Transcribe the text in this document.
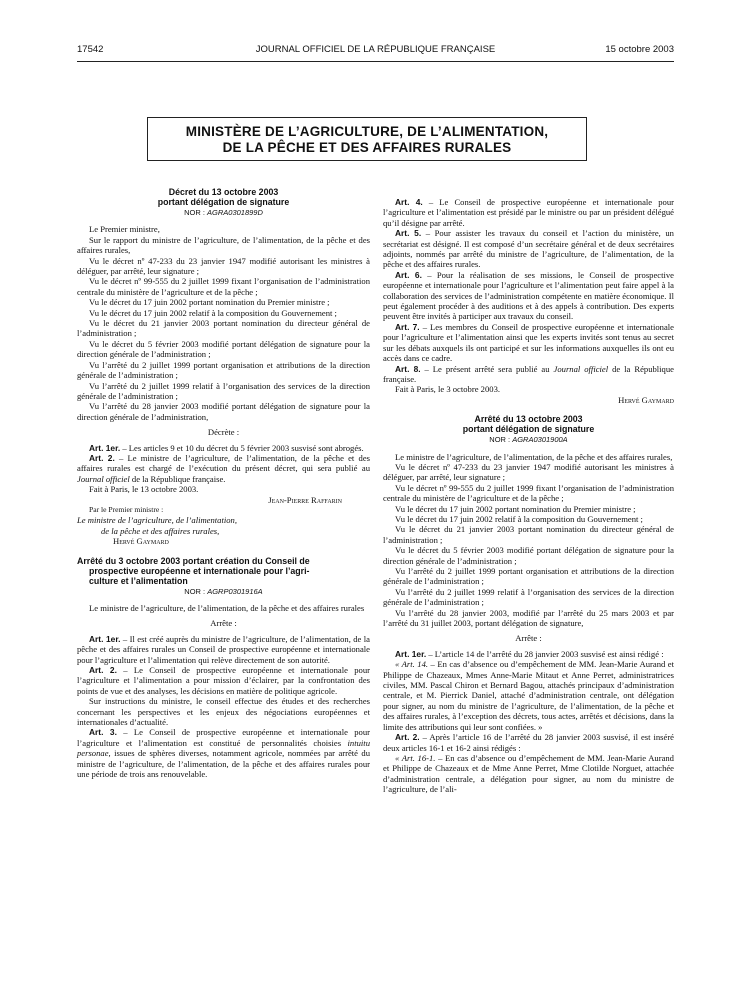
17542	JOURNAL OFFICIEL DE LA RÉPUBLIQUE FRANÇAISE	15 octobre 2003
MINISTÈRE DE L’AGRICULTURE, DE L’ALIMENTATION,
DE LA PÊCHE ET DES AFFAIRES RURALES
Décret du 13 octobre 2003
portant délégation de signature
NOR : AGRA0301899D

Le Premier ministre,

Sur le rapport du ministre de l’agriculture, de l’alimentation, de la pêche et des affaires rurales,

Vu le décret nº 47-233 du 23 janvier 1947 modifié autorisant les ministres à déléguer, par arrêté, leur signature ;

Vu le décret nº 99-555 du 2 juillet 1999 fixant l’organisation de l’administration centrale du ministère de l’agriculture et de la pêche ;

Vu le décret du 17 juin 2002 portant nomination du Premier ministre ;

Vu le décret du 17 juin 2002 relatif à la composition du Gouvernement ;

Vu le décret du 21 janvier 2003 portant nomination du directeur général de l’administration ;

Vu le décret du 5 février 2003 modifié portant délégation de signature pour la direction générale de l’administration ;

Vu l’arrêté du 2 juillet 1999 portant organisation et attributions de la direction générale de l’administration ;

Vu l’arrêté du 2 juillet 1999 relatif à l’organisation des services de la direction générale de l’administration ;

Vu l’arrêté du 28 janvier 2003 modifié portant délégation de signature pour la direction générale de l’administration,

Décrète :

Art. 1er. – Les articles 9 et 10 du décret du 5 février 2003 susvisé sont abrogés.

Art. 2. – Le ministre de l’agriculture, de l’alimentation, de la pêche et des affaires rurales est chargé de l’exécution du présent décret, qui sera publié au Journal officiel de la République française.

Fait à Paris, le 13 octobre 2003.

Jean-Pierre Raffarin

Par le Premier ministre :

Le ministre de l’agriculture, de l’alimentation,

de la pêche et des affaires rurales,

Hervé Gaymard

Arrêté du 3 octobre 2003 portant création du Conseil de
prospective européenne et internationale pour l’agri-
culture et l’alimentation
NOR : AGRP0301916A

Le ministre de l’agriculture, de l’alimentation, de la pêche et des affaires rurales

Arrête :

Art. 1er. – Il est créé auprès du ministre de l’agriculture, de l’alimentation, de la pêche et des affaires rurales un Conseil de prospective européenne et internationale pour l’agriculture et l’alimentation qui relève directement de son autorité.

Art. 2. – Le Conseil de prospective européenne et internationale pour l’agriculture et l’alimentation a pour mission d’éclairer, par la confrontation des points de vue et des analyses, les décisions en matière de politique agricole.

Sur instructions du ministre, le conseil effectue des études et des recherches concernant les perspectives et les enjeux des négociations européennes et internationales d’actualité.

Art. 3. – Le Conseil de prospective européenne et internationale pour l’agriculture et l’alimentation est constitué de personnalités choisies intuitu personae, issues de sphères diverses, notamment agricole, nommées par arrêté du ministre de l’agriculture, de l’alimentation, de la pêche et des affaires rurales pour une période de trois ans renouvelable.

Art. 4. – Le Conseil de prospective européenne et internationale pour l’agriculture et l’alimentation est présidé par le ministre ou par un président délégué qu’il désigne par arrêté.

Art. 5. – Pour assister les travaux du conseil et l’action du ministère, un secrétariat est désigné. Il est composé d’un secrétaire général et de deux secrétaires adjoints, nommés par arrêté du ministre de l’agriculture, de l’alimentation, de la pêche et des affaires rurales.

Art. 6. – Pour la réalisation de ses missions, le Conseil de prospective européenne et internationale pour l’agriculture et l’alimentation peut faire appel à la collaboration des services de l’administration compétente en matière économique. Il peut également procéder à des auditions et à des appels à contribution. Des experts peuvent être invités à participer aux travaux du conseil.

Art. 7. – Les membres du Conseil de prospective européenne et internationale pour l’agriculture et l’alimentation ainsi que les experts invités sont tenus au secret sur les débats auxquels ils ont participé et sur les informations auxquelles ils ont eu accès dans ce cadre.

Art. 8. – Le présent arrêté sera publié au Journal officiel de la République française.

Fait à Paris, le 3 octobre 2003.

Hervé Gaymard

Arrêté du 13 octobre 2003
portant délégation de signature
NOR : AGRA0301900A

Le ministre de l’agriculture, de l’alimentation, de la pêche et des affaires rurales,

Vu le décret nº 47-233 du 23 janvier 1947 modifié autorisant les ministres à déléguer, par arrêté, leur signature ;

Vu le décret nº 99-555 du 2 juillet 1999 fixant l’organisation de l’administration centrale du ministère de l’agriculture et de la pêche ;

Vu le décret du 17 juin 2002 portant nomination du Premier ministre ;

Vu le décret du 17 juin 2002 relatif à la composition du Gouvernement ;

Vu le décret du 21 janvier 2003 portant nomination du directeur général de l’administration ;

Vu le décret du 5 février 2003 modifié portant délégation de signature pour la direction générale de l’administration ;

Vu l’arrêté du 2 juillet 1999 portant organisation et attributions de la direction générale de l’administration ;

Vu l’arrêté du 2 juillet 1999 relatif à l’organisation des services de la direction générale de l’administration ;

Vu l’arrêté du 28 janvier 2003, modifié par l’arrêté du 25 mars 2003 et par l’arrêté du 31 juillet 2003, portant délégation de signature,

Arrête :

Art. 1er. – L’article 14 de l’arrêté du 28 janvier 2003 susvisé est ainsi rédigé :

« Art. 14. – En cas d’absence ou d’empêchement de MM. Jean-Marie Aurand et Philippe de Chazeaux, Mmes Anne-Marie Mitaut et Anne Perret, administratrices civiles, MM. Pascal Chiron et Bernard Bagou, attachés principaux d’administration centrale, et M. Pierrick Daniel, attaché d’administration centrale, ont délégation pour signer, au nom du ministre de l’agriculture, de l’alimentation, de la pêche et des affaires rurales, à l’exception des décrets, tous actes, arrêtés et décisions, dans la limite des attributions qui leur sont confiées. »

Art. 2. – Après l’article 16 de l’arrêté du 28 janvier 2003 susvisé, il est inséré deux articles 16-1 et 16-2 ainsi rédigés :

« Art. 16-1. – En cas d’absence ou d’empêchement de MM. Jean-Marie Aurand et Philippe de Chazeaux et de Mme Anne Perret, Mme Clotilde Norguet, attachée d’administration centrale, a délégation pour signer, au nom du ministre de l’agriculture, de l’ali-
